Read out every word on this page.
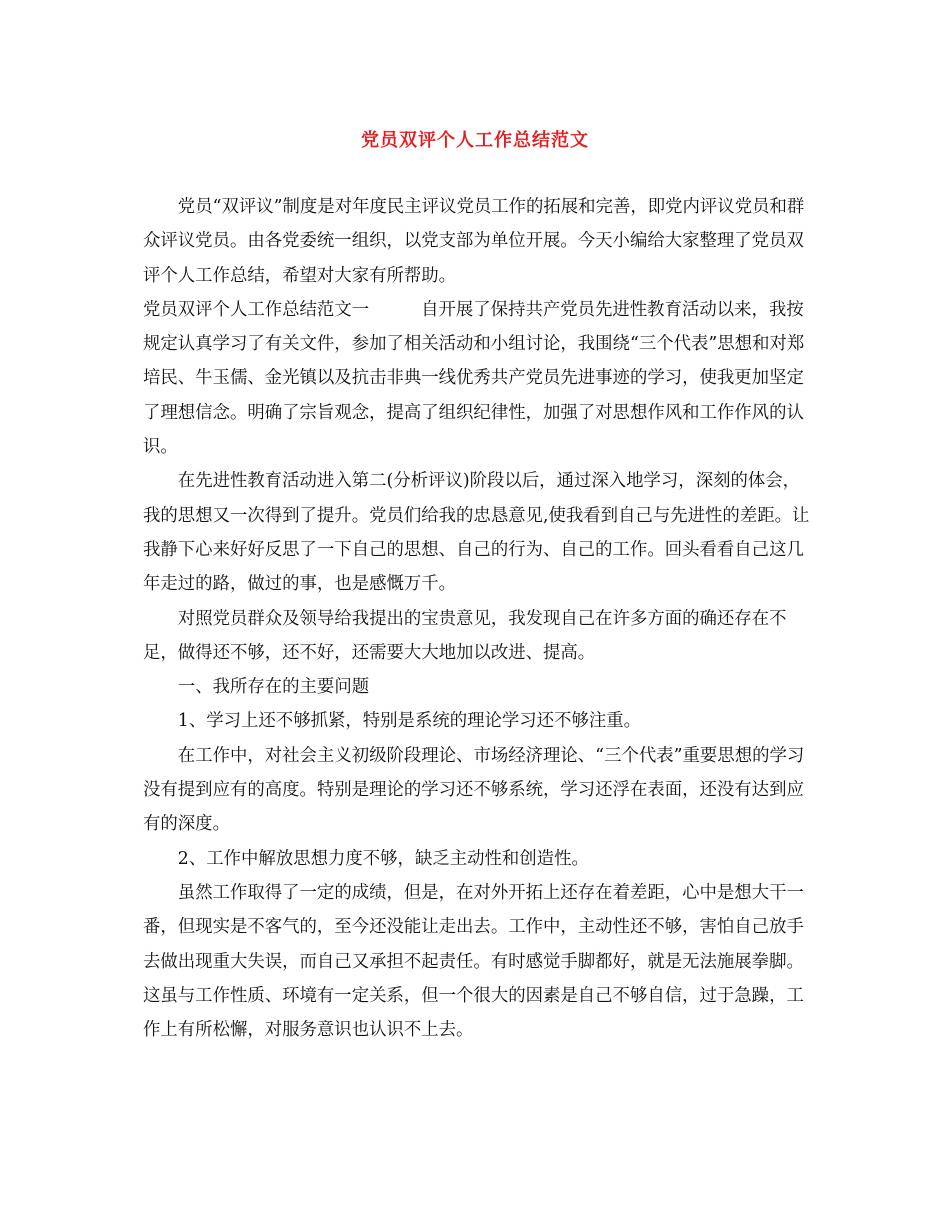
党员双评个人工作总结范文

党员“双评议”制度是对年度民主评议党员工作的拓展和完善，即党内评议党员和群众评议党员。由各党委统一组织，以党支部为单位开展。今天小编给大家整理了党员双评个人工作总结，希望对大家有所帮助。

党员双评个人工作总结范文一	自开展了保持共产党员先进性教育活动以来，我按规定认真学习了有关文件，参加了相关活动和小组讨论，我围绕“三个代表”思想和对郑培民、牛玉儒、金光镇以及抗击非典一线优秀共产党员先进事迹的学习，使我更加坚定了理想信念。明确了宗旨观念，提高了组织纪律性，加强了对思想作风和工作作风的认识。

在先进性教育活动进入第二(分析评议)阶段以后，通过深入地学习，深刻的体会，我的思想又一次得到了提升。党员们给我的忠恳意见,使我看到自己与先进性的差距。让我静下心来好好反思了一下自己的思想、自己的行为、自己的工作。回头看看自己这几年走过的路，做过的事，也是感慨万千。

对照党员群众及领导给我提出的宝贵意见，我发现自己在许多方面的确还存在不足，做得还不够，还不好，还需要大大地加以改进、提高。

一、我所存在的主要问题

1、学习上还不够抓紧，特别是系统的理论学习还不够注重。

在工作中，对社会主义初级阶段理论、市场经济理论、“三个代表”重要思想的学习没有提到应有的高度。特别是理论的学习还不够系统，学习还浮在表面，还没有达到应有的深度。

2、工作中解放思想力度不够，缺乏主动性和创造性。

虽然工作取得了一定的成绩，但是，在对外开拓上还存在着差距，心中是想大干一番，但现实是不客气的，至今还没能让走出去。工作中，主动性还不够，害怕自己放手去做出现重大失误，而自己又承担不起责任。有时感觉手脚都好，就是无法施展拳脚。这虽与工作性质、环境有一定关系，但一个很大的因素是自己不够自信，过于急躁，工作上有所松懈，对服务意识也认识不上去。
